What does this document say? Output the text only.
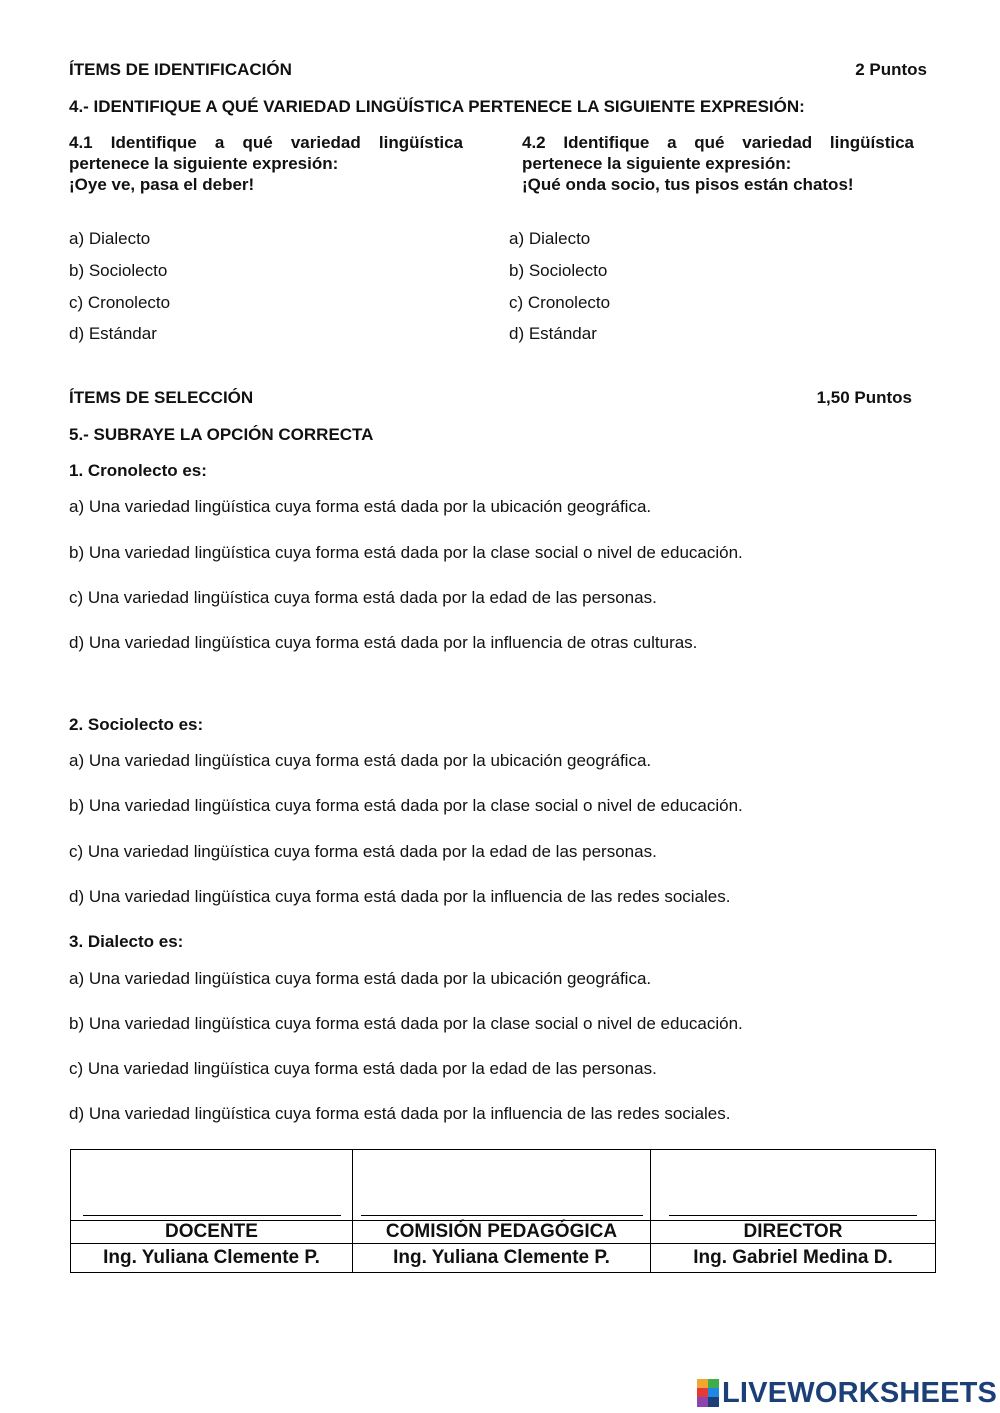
ÍTEMS DE IDENTIFICACIÓN	2 Puntos
4.- IDENTIFIQUE A QUÉ VARIEDAD LINGÜÍSTICA PERTENECE LA SIGUIENTE EXPRESIÓN:
4.1 Identifique a qué variedad lingüística pertenece la siguiente expresión:
¡Oye ve, pasa el deber!
4.2 Identifique a qué variedad lingüística pertenece la siguiente expresión:
¡Qué onda socio, tus pisos están chatos!
a) Dialecto
b) Sociolecto
c) Cronolecto
d) Estándar
a) Dialecto
b) Sociolecto
c) Cronolecto
d) Estándar
ÍTEMS DE SELECCIÓN	1,50 Puntos
5.- SUBRAYE LA OPCIÓN CORRECTA
1. Cronolecto es:
a) Una variedad lingüística cuya forma está dada por la ubicación geográfica.
b) Una variedad lingüística cuya forma está dada por la clase social o nivel de educación.
c) Una variedad lingüística cuya forma está dada por la edad de las personas.
d) Una variedad lingüística cuya forma está dada por la influencia de otras culturas.
2. Sociolecto es:
a) Una variedad lingüística cuya forma está dada por la ubicación geográfica.
b) Una variedad lingüística cuya forma está dada por la clase social o nivel de educación.
c) Una variedad lingüística cuya forma está dada por la edad de las personas.
d) Una variedad lingüística cuya forma está dada por la influencia de las redes sociales.
3. Dialecto es:
a) Una variedad lingüística cuya forma está dada por la ubicación geográfica.
b) Una variedad lingüística cuya forma está dada por la clase social o nivel de educación.
c) Una variedad lingüística cuya forma está dada por la edad de las personas.
d) Una variedad lingüística cuya forma está dada por la influencia de las redes sociales.

DOCENTE	COMISIÓN PEDAGÓGICA	DIRECTOR
Ing. Yuliana Clemente P.	Ing. Yuliana Clemente P.	Ing. Gabriel Medina D.
LIVEWORKSHEETS
